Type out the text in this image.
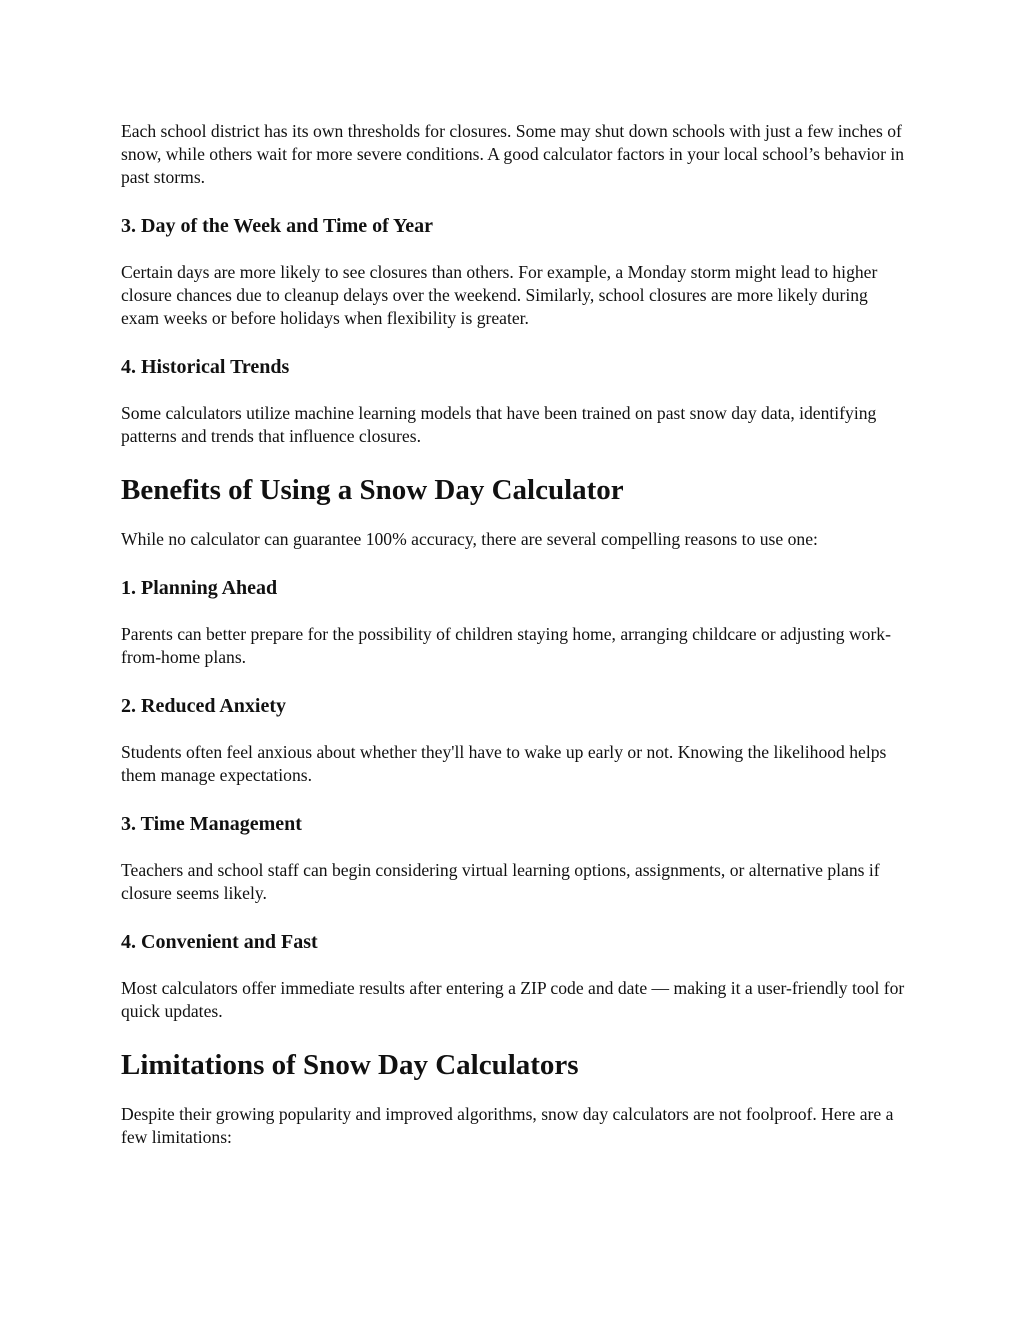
Each school district has its own thresholds for closures. Some may shut down schools with just a few inches of snow, while others wait for more severe conditions. A good calculator factors in your local school’s behavior in past storms.

3. Day of the Week and Time of Year

Certain days are more likely to see closures than others. For example, a Monday storm might lead to higher closure chances due to cleanup delays over the weekend. Similarly, school closures are more likely during exam weeks or before holidays when flexibility is greater.

4. Historical Trends

Some calculators utilize machine learning models that have been trained on past snow day data, identifying patterns and trends that influence closures.

Benefits of Using a Snow Day Calculator

While no calculator can guarantee 100% accuracy, there are several compelling reasons to use one:

1. Planning Ahead

Parents can better prepare for the possibility of children staying home, arranging childcare or adjusting work-from-home plans.

2. Reduced Anxiety

Students often feel anxious about whether they'll have to wake up early or not. Knowing the likelihood helps them manage expectations.

3. Time Management

Teachers and school staff can begin considering virtual learning options, assignments, or alternative plans if closure seems likely.

4. Convenient and Fast

Most calculators offer immediate results after entering a ZIP code and date — making it a user-friendly tool for quick updates.

Limitations of Snow Day Calculators

Despite their growing popularity and improved algorithms, snow day calculators are not foolproof. Here are a few limitations:
